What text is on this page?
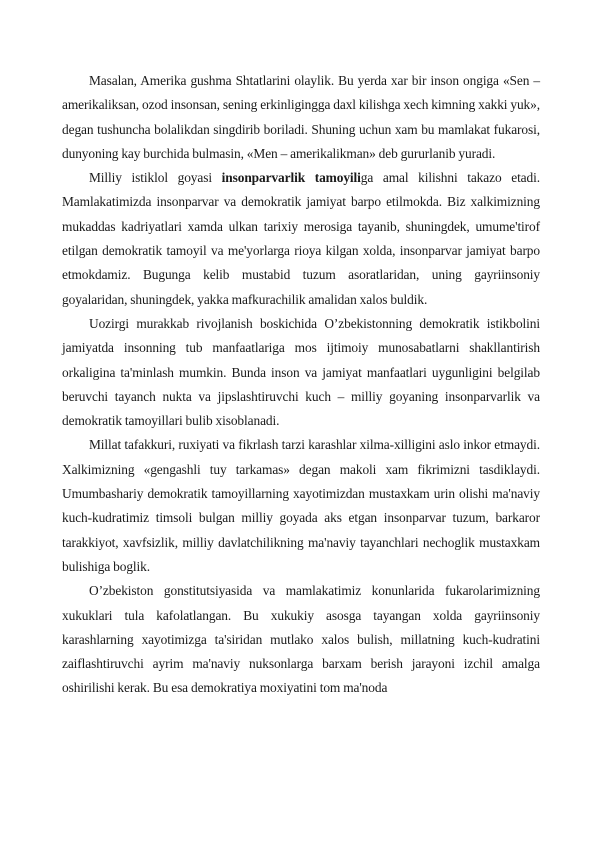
Masalan, Amerika gushma Shtatlarini olaylik. Bu yerda xar bir inson ongiga «Sen – amerikaliksan, ozod insonsan, sening erkinligingga daxl kilishga xech kimning xakki yuk», degan tushuncha bolalikdan singdirib boriladi. Shuning uchun xam bu mamlakat fukarosi, dunyoning kay burchida bulmasin, «Men – amerikalikman» deb gururlanib yuradi.

Milliy istiklol goyasi insonparvarlik tamoyiliga amal kilishni takazo etadi. Mamlakatimizda insonparvar va demokratik jamiyat barpo etilmokda. Biz xalkimizning mukaddas kadriyatlari xamda ulkan tarixiy merosiga tayanib, shuningdek, umume'tirof etilgan demokratik tamoyil va me'yorlarga rioya kilgan xolda, insonparvar jamiyat barpo etmokdamiz. Bugunga kelib mustabid tuzum asoratlaridan, uning gayriinsoniy goyalaridan, shuningdek, yakka mafkurachilik amalidan xalos buldik.

Uozirgi murakkab rivojlanish boskichida O’zbekistonning demokratik istikbolini jamiyatda insonning tub manfaatlariga mos ijtimoiy munosabatlarni shakllantirish orkaligina ta'minlash mumkin. Bunda inson va jamiyat manfaatlari uygunligini belgilab beruvchi tayanch nukta va jipslashtiruvchi kuch – milliy goyaning insonparvarlik va demokratik tamoyillari bulib xisoblanadi.

Millat tafakkuri, ruxiyati va fikrlash tarzi karashlar xilma-xilligini aslo inkor etmaydi. Xalkimizning «gengashli tuy tarkamas» degan makoli xam fikrimizni tasdiklaydi. Umumbashariy demokratik tamoyillarning xayotimizdan mustaxkam urin olishi ma'naviy kuch-kudratimiz timsoli bulgan milliy goyada aks etgan insonparvar tuzum, barkaror tarakkiyot, xavfsizlik, milliy davlatchilikning ma'naviy tayanchlari nechoglik mustaxkam bulishiga boglik.

O’zbekiston gonstitutsiyasida va mamlakatimiz konunlarida fukarolarimizning xukuklari tula kafolatlangan. Bu xukukiy asosga tayangan xolda gayriinsoniy karashlarning xayotimizga ta'siridan mutlako xalos bulish, millatning kuch-kudratini zaiflashtiruvchi ayrim ma'naviy nuksonlarga barxam berish jarayoni izchil amalga oshirilishi kerak. Bu esa demokratiya moxiyatini tom ma'noda
